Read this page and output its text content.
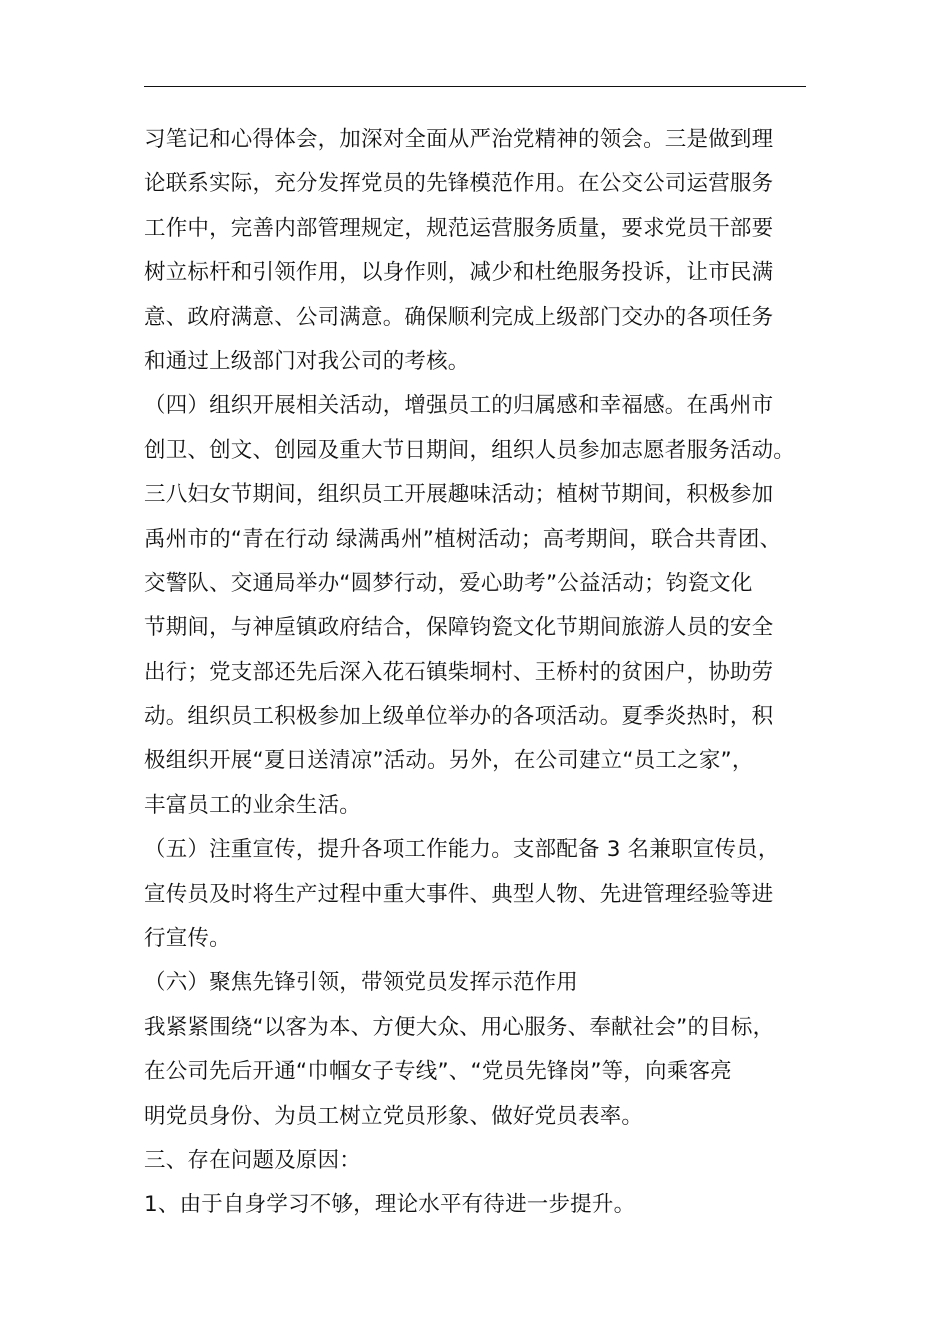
习笔记和心得体会，加深对全面从严治党精神的领会。三是做到理
论联系实际，充分发挥党员的先锋模范作用。在公交公司运营服务
工作中，完善内部管理规定，规范运营服务质量，要求党员干部要
树立标杆和引领作用，以身作则，减少和杜绝服务投诉，让市民满
意、政府满意、公司满意。确保顺利完成上级部门交办的各项任务
和通过上级部门对我公司的考核。
（四）组织开展相关活动，增强员工的归属感和幸福感。在禹州市
创卫、创文、创园及重大节日期间，组织人员参加志愿者服务活动。
三八妇女节期间，组织员工开展趣味活动；植树节期间，积极参加
禹州市的“青在行动 绿满禹州”植树活动；高考期间，联合共青团、
交警队、交通局举办“圆梦行动，爱心助考”公益活动；钧瓷文化
节期间，与神垕镇政府结合，保障钧瓷文化节期间旅游人员的安全
出行；党支部还先后深入花石镇柴垌村、王桥村的贫困户，协助劳
动。组织员工积极参加上级单位举办的各项活动。夏季炎热时，积
极组织开展“夏日送清凉”活动。另外，在公司建立“员工之家”，
丰富员工的业余生活。
（五）注重宣传，提升各项工作能力。支部配备 3 名兼职宣传员，
宣传员及时将生产过程中重大事件、典型人物、先进管理经验等进
行宣传。
（六）聚焦先锋引领，带领党员发挥示范作用
我紧紧围绕“以客为本、方便大众、用心服务、奉献社会”的目标，
在公司先后开通“巾帼女子专线”、“党员先锋岗”等，向乘客亮
明党员身份、为员工树立党员形象、做好党员表率。
三、存在问题及原因：
1、由于自身学习不够，理论水平有待进一步提升。
